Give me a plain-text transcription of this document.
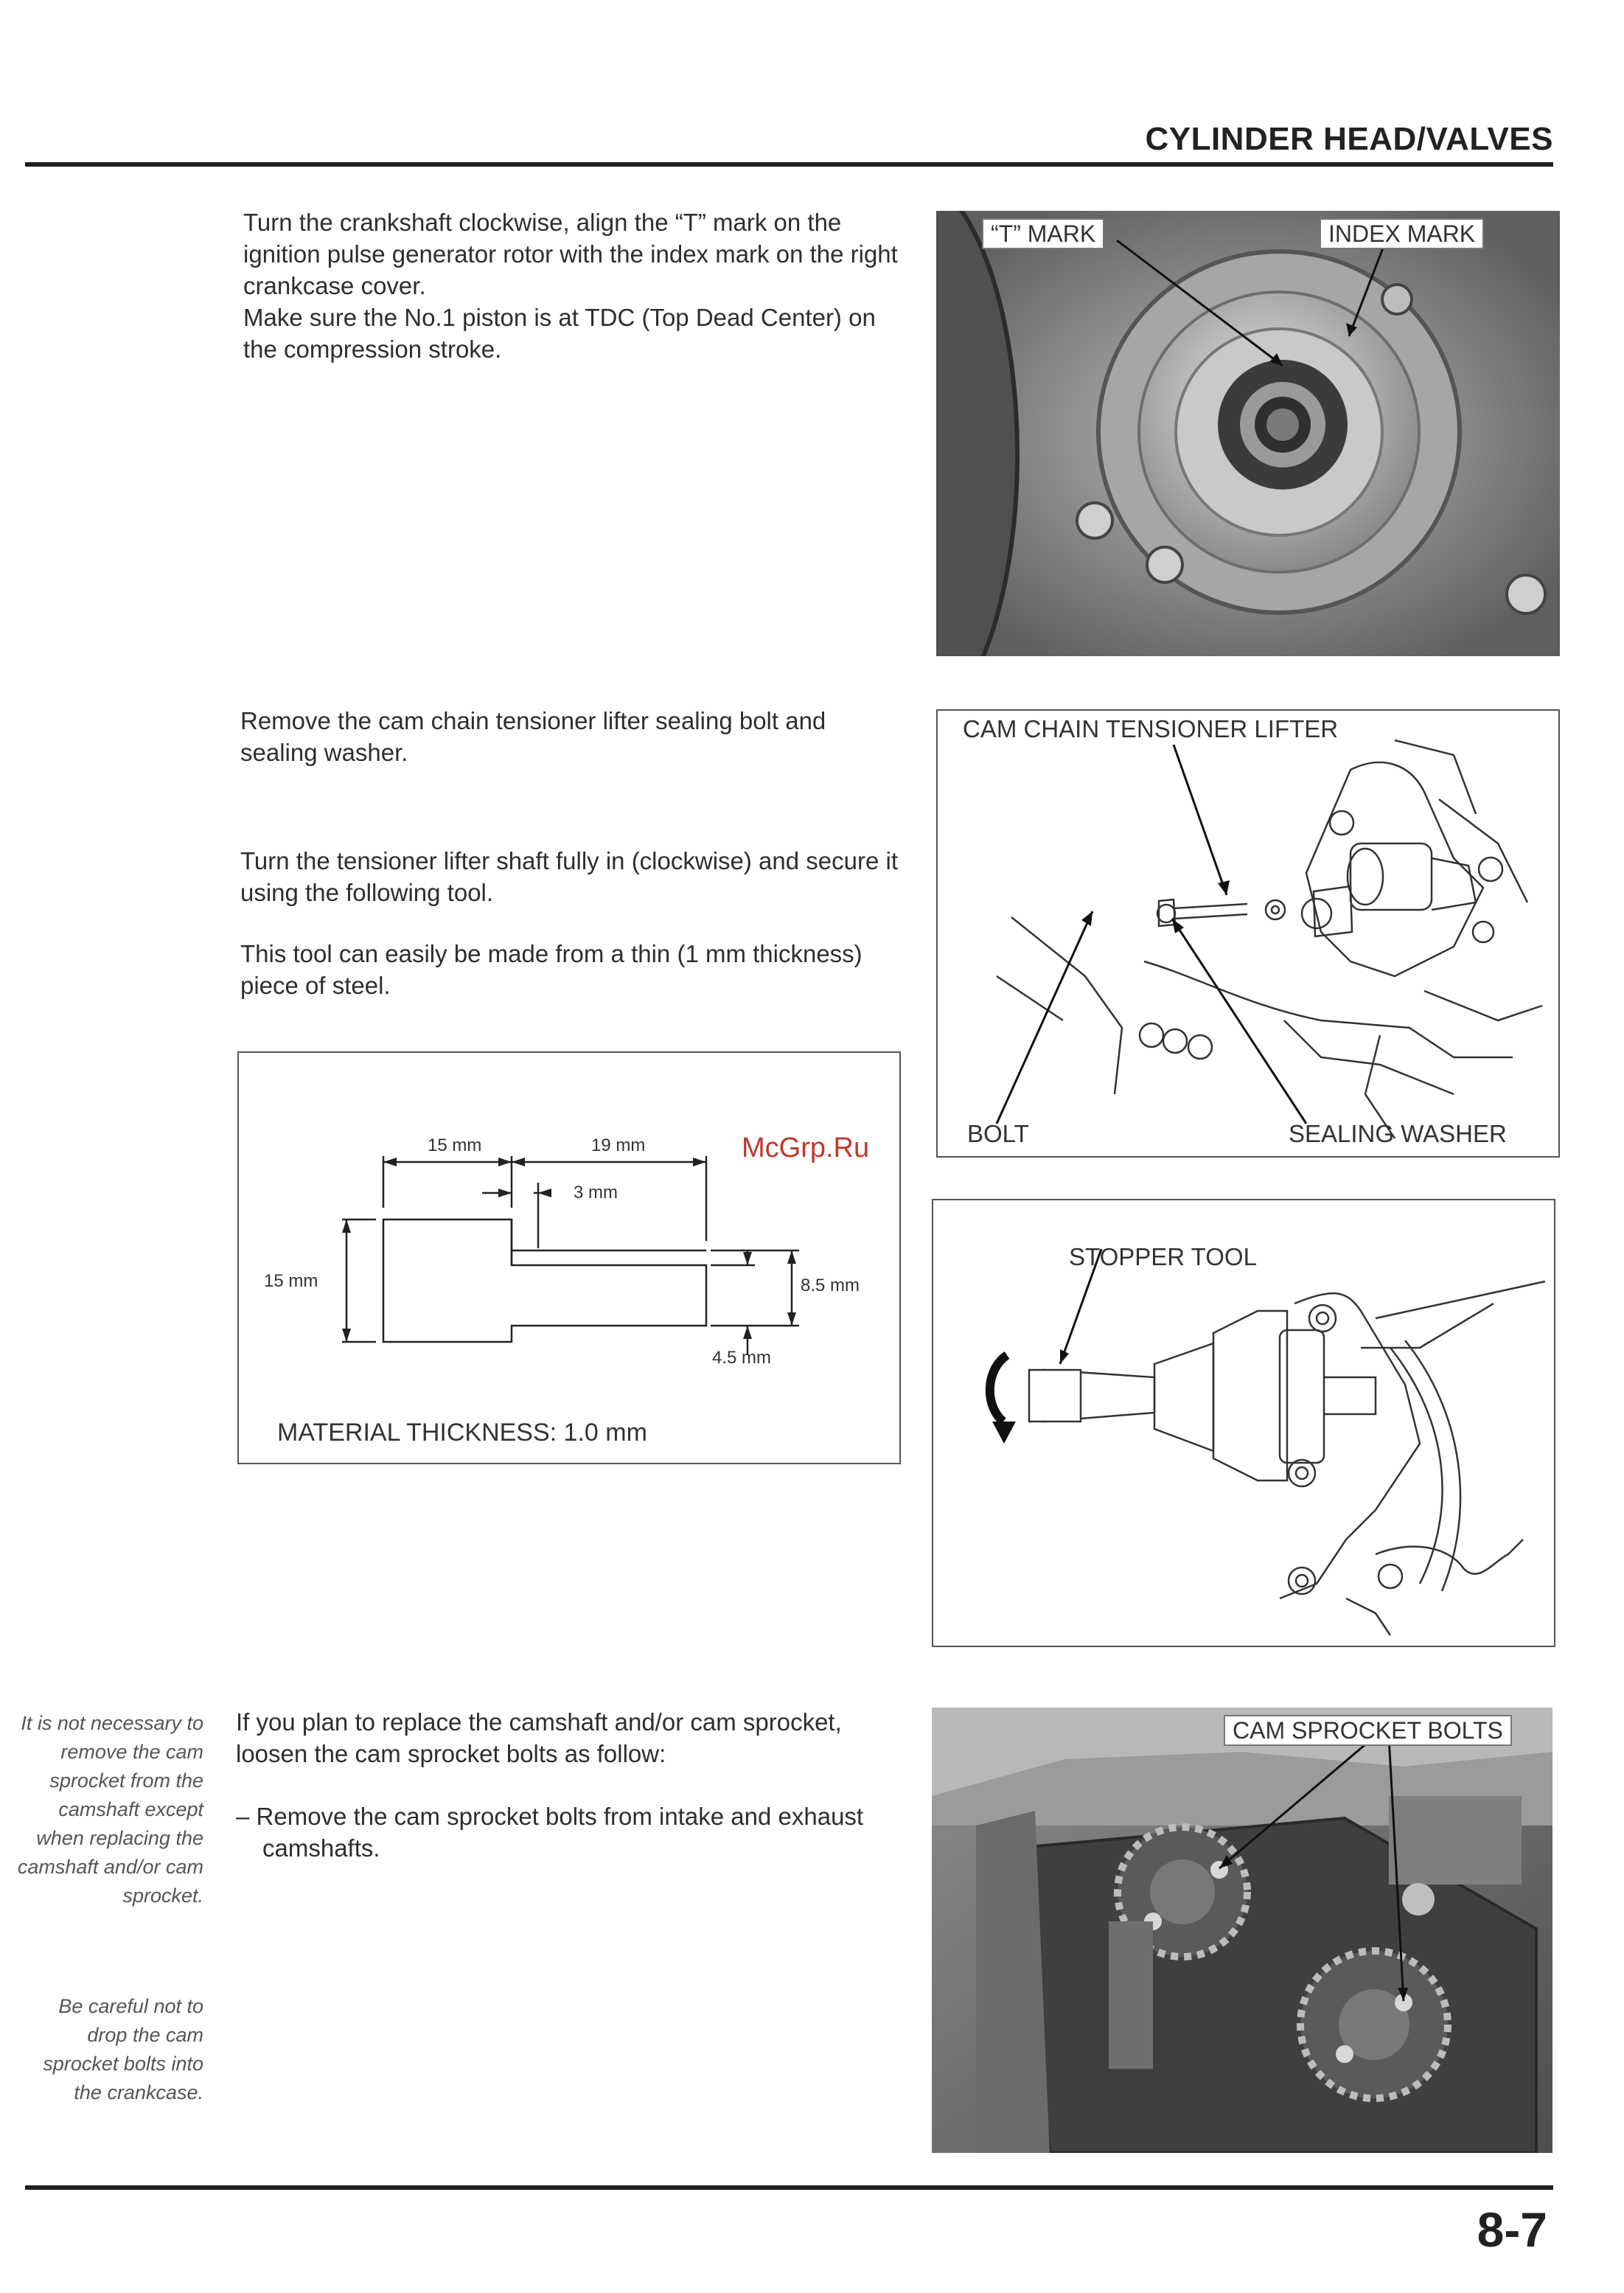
CYLINDER HEAD/VALVES
Turn the crankshaft clockwise, align the “T” mark on the ignition pulse generator rotor with the index mark on the right crankcase cover.
Make sure the No.1 piston is at TDC (Top Dead Center) on the compression stroke.
“T” MARK	INDEX MARK
Remove the cam chain tensioner lifter sealing bolt and sealing washer.
Turn the tensioner lifter shaft fully in (clockwise) and secure it using the following tool.
This tool can easily be made from a thin (1 mm thickness) piece of steel.
CAM CHAIN TENSIONER LIFTER
BOLT	SEALING WASHER
15 mm	19 mm
3 mm
15 mm	8.5 mm
4.5 mm
MATERIAL THICKNESS: 1.0 mm
McGrp.Ru
STOPPER TOOL
It is not necessary to remove the cam sprocket from the camshaft except when replacing the camshaft and/or cam sprocket.
Be careful not to drop the cam sprocket bolts into the crankcase.
If you plan to replace the camshaft and/or cam sprocket, loosen the cam sprocket bolts as follow:
– Remove the cam sprocket bolts from intake and exhaust camshafts.
CAM SPROCKET BOLTS
8-7
